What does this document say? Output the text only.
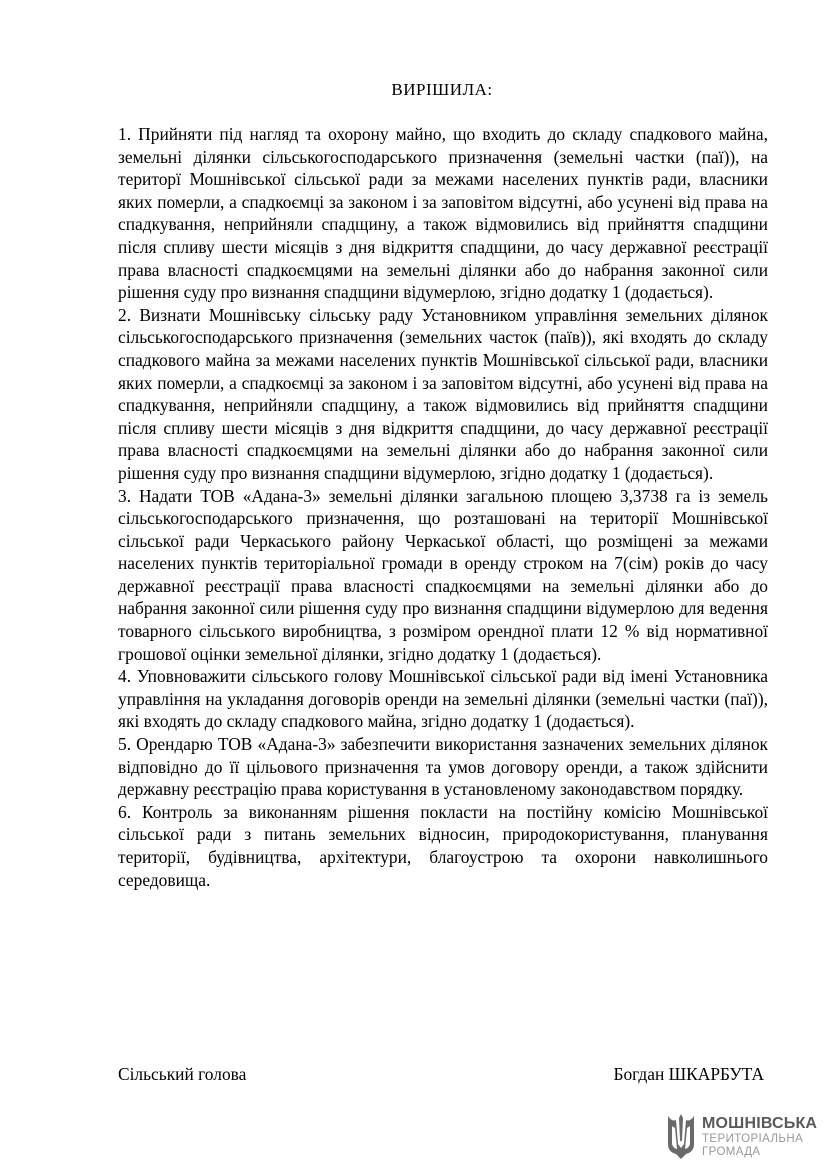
ВИРІШИЛА:

1. Прийняти під нагляд та охорону майно, що входить до складу спадкового майна, земельні ділянки сільськогосподарського призначення (земельні частки (паї)), на територї Мошнівської сільської ради за межами населених пунктів ради, власники яких померли, а спадкоємці за законом і за заповітом відсутні, або усунені від права на спадкування, неприйняли спадщину, а також відмовились від прийняття спадщини після спливу шести місяців з дня відкриття спадщини, до часу державної реєстрації права власності спадкоємцями на земельні ділянки або до набрання законної сили рішення суду про визнання спадщини відумерлою, згідно додатку 1 (додається).

2. Визнати Мошнівську сільську раду Установником управління земельних ділянок сільськогосподарського призначення (земельних часток (паїв)), які входять до складу спадкового майна за межами населених пунктів Мошнівської сільської ради, власники яких померли, а спадкоємці за законом і за заповітом відсутні, або усунені від права на спадкування, неприйняли спадщину, а також відмовились від прийняття спадщини після спливу шести місяців з дня відкриття спадщини, до часу державної реєстрації права власності спадкоємцями на земельні ділянки або до набрання законної сили рішення суду про визнання спадщини відумерлою, згідно додатку 1 (додається).

3. Надати ТОВ «Адана-3» земельні ділянки загальною площею 3,3738 га із земель сільськогосподарського призначення, що розташовані на території Мошнівської сільської ради Черкаського району Черкаської області, що розміщені за межами населених пунктів територіальної громади в оренду строком на 7(сім) років до часу державної реєстрації права власності спадкоємцями на земельні ділянки або до набрання законної сили рішення суду про визнання спадщини відумерлою для ведення товарного сільського виробництва, з розміром орендної плати 12 % від нормативної грошової оцінки земельної ділянки, згідно додатку 1 (додається).

4. Уповноважити сільського голову Мошнівської сільської ради від імені Установника управління на укладання договорів оренди на земельні ділянки (земельні частки (паї)), які входять до складу спадкового майна, згідно додатку 1 (додається).

5. Орендарю ТОВ «Адана-3» забезпечити використання зазначених земельних ділянок відповідно до її цільового призначення та умов договору оренди, а також здійснити державну реєстрацію права користування в установленому законодавством порядку.

6. Контроль за виконанням рішення покласти на постійну комісію Мошнівської сільської ради з питань земельних відносин, природокористування, планування території, будівництва, архітектури, благоустрою та охорони навколишнього середовища.

Сільський голова	Богдан ШКАРБУТА
МОШНІВСЬКА
ТЕРИТОРІАЛЬНА
ГРОМАДА
